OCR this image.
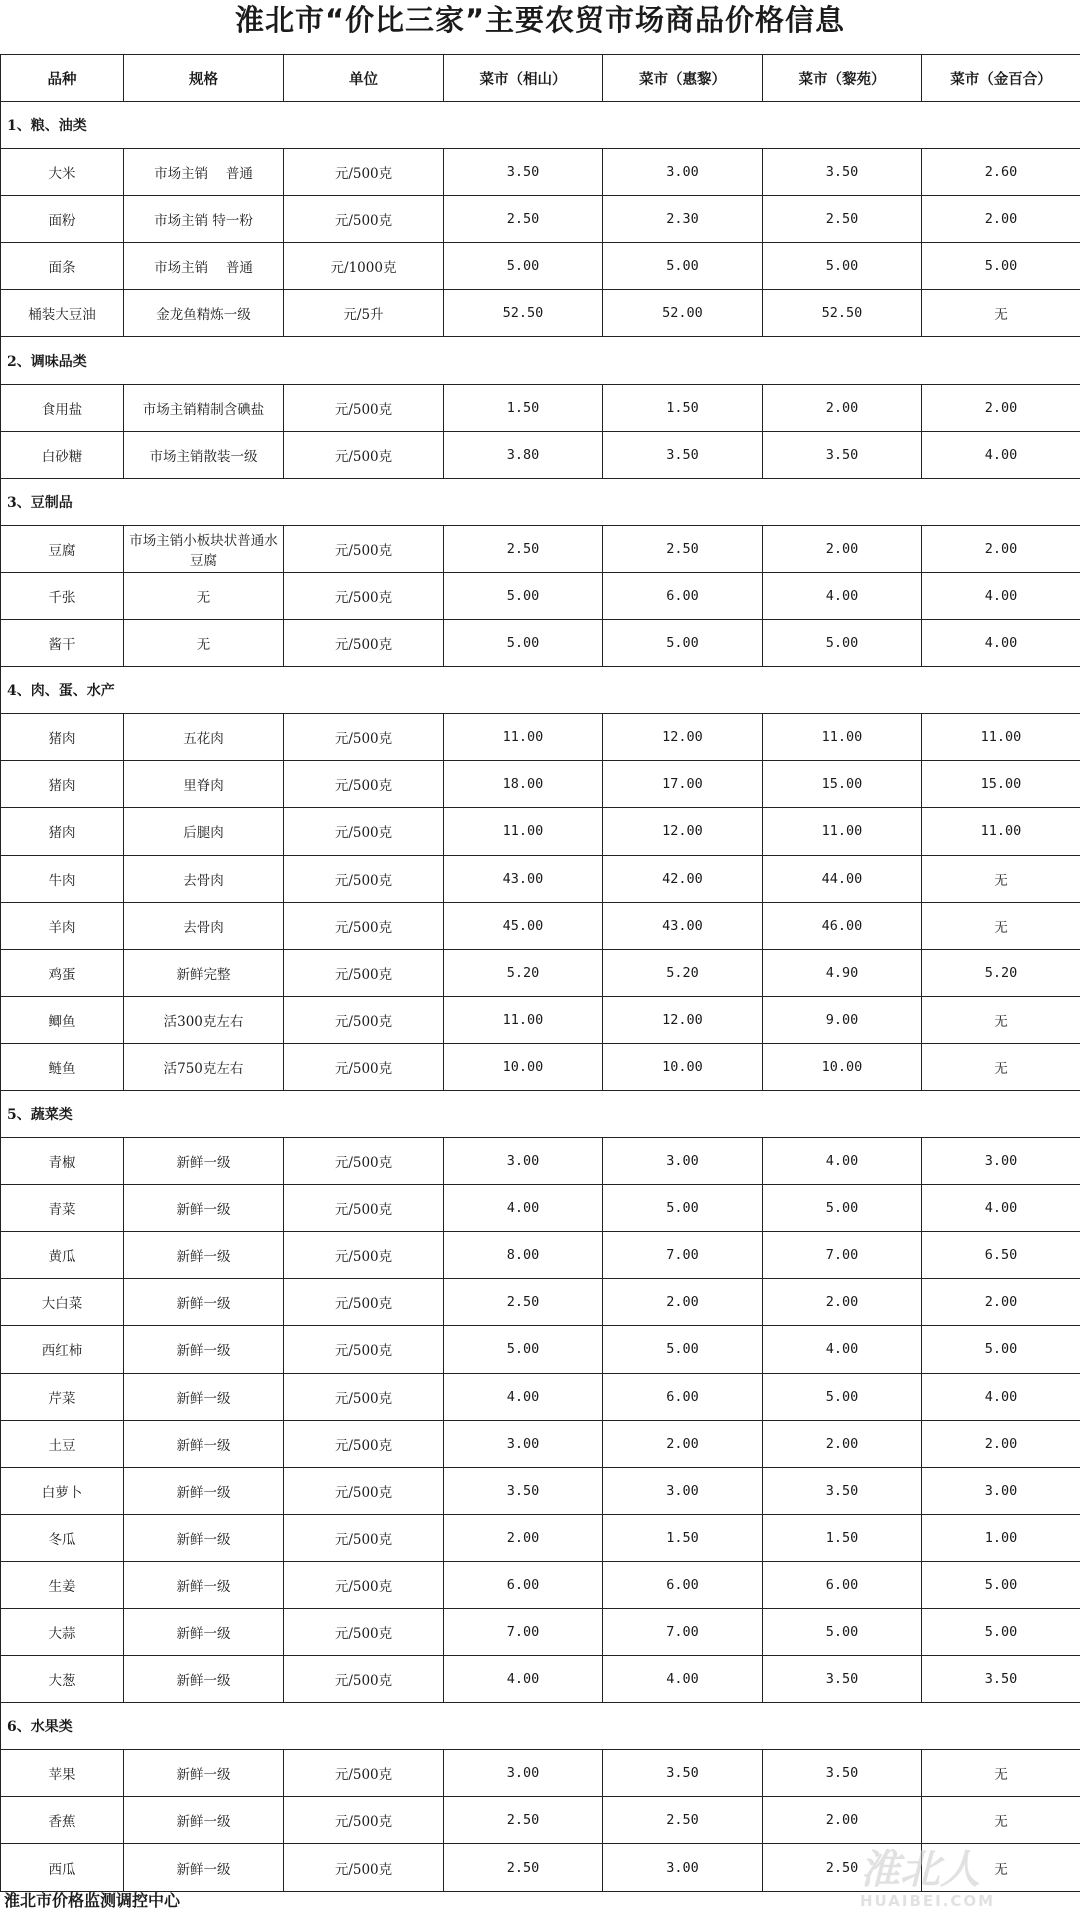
淮北市“价比三家”主要农贸市场商品价格信息
品种	规格	单位	菜市（相山）	菜市（惠黎）	菜市（黎苑）	菜市（金百合）
1、粮、油类						
大米	市场主销　 普通	元/500克	3.50	3.00	3.50	2.60
面粉	市场主销 特一粉	元/500克	2.50	2.30	2.50	2.00
面条	市场主销　 普通	元/1000克	5.00	5.00	5.00	5.00
桶装大豆油	金龙鱼精炼一级	元/5升	52.50	52.00	52.50	无
2、调味品类						
食用盐	市场主销精制含碘盐	元/500克	1.50	1.50	2.00	2.00
白砂糖	市场主销散装一级	元/500克	3.80	3.50	3.50	4.00
3、豆制品						
豆腐	市场主销小板块状普通水豆腐	元/500克	2.50	2.50	2.00	2.00
千张	无	元/500克	5.00	6.00	4.00	4.00
酱干	无	元/500克	5.00	5.00	5.00	4.00
4、肉、蛋、水产						
猪肉	五花肉	元/500克	11.00	12.00	11.00	11.00
猪肉	里脊肉	元/500克	18.00	17.00	15.00	15.00
猪肉	后腿肉	元/500克	11.00	12.00	11.00	11.00
牛肉	去骨肉	元/500克	43.00	42.00	44.00	无
羊肉	去骨肉	元/500克	45.00	43.00	46.00	无
鸡蛋	新鲜完整	元/500克	5.20	5.20	4.90	5.20
鲫鱼	活300克左右	元/500克	11.00	12.00	9.00	无
鲢鱼	活750克左右	元/500克	10.00	10.00	10.00	无
5、蔬菜类						
青椒	新鲜一级	元/500克	3.00	3.00	4.00	3.00
青菜	新鲜一级	元/500克	4.00	5.00	5.00	4.00
黄瓜	新鲜一级	元/500克	8.00	7.00	7.00	6.50
大白菜	新鲜一级	元/500克	2.50	2.00	2.00	2.00
西红柿	新鲜一级	元/500克	5.00	5.00	4.00	5.00
芹菜	新鲜一级	元/500克	4.00	6.00	5.00	4.00
土豆	新鲜一级	元/500克	3.00	2.00	2.00	2.00
白萝卜	新鲜一级	元/500克	3.50	3.00	3.50	3.00
冬瓜	新鲜一级	元/500克	2.00	1.50	1.50	1.00
生姜	新鲜一级	元/500克	6.00	6.00	6.00	5.00
大蒜	新鲜一级	元/500克	7.00	7.00	5.00	5.00
大葱	新鲜一级	元/500克	4.00	4.00	3.50	3.50
6、水果类						
苹果	新鲜一级	元/500克	3.00	3.50	3.50	无
香蕉	新鲜一级	元/500克	2.50	2.50	2.00	无
西瓜	新鲜一级	元/500克	2.50	3.00	2.50	无
淮北市价格监测调控中心
淮北人
HUAIBEI.COM
